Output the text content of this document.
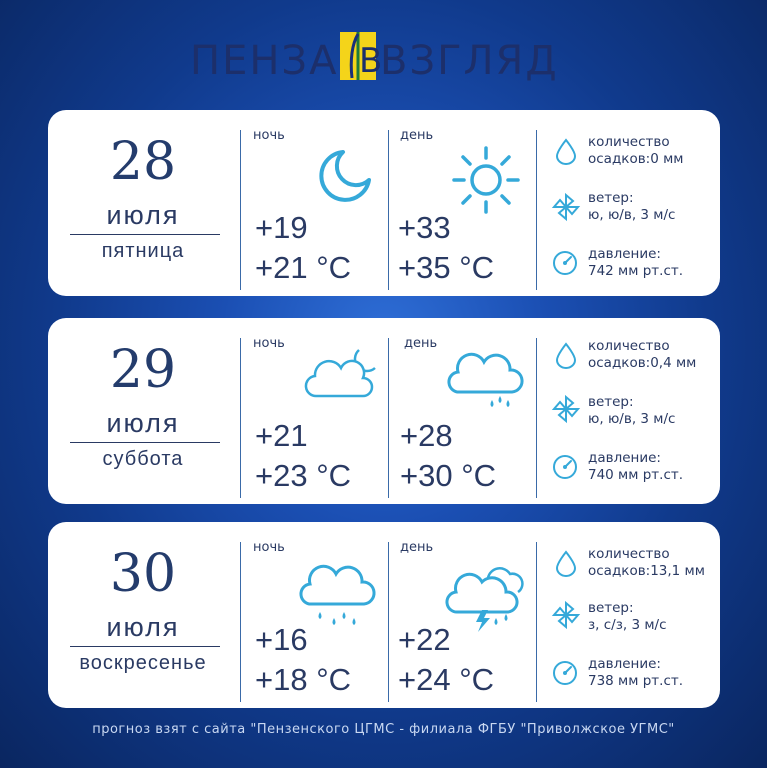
ПЕНЗА В
ВЗГЛЯД
28
июля
пятница
ночь
+19
+21 °C
день
+33
+35 °C
количество
осадков:0 мм
ветер:
ю, ю/в, 3 м/с
давление:
742 мм рт.ст.
29
июля
суббота
ночь
+21
+23 °C
день
+28
+30 °C
количество
осадков:0,4 мм
ветер:
ю, ю/в, 3 м/с
давление:
740 мм рт.ст.
30
июля
воскресенье
ночь
+16
+18 °C
день
+22
+24 °C
количество
осадков:13,1 мм
ветер:
з, с/з, 3 м/с
давление:
738 мм рт.ст.
прогноз взят с сайта "Пензенского ЦГМС - филиала ФГБУ "Приволжское УГМС"
